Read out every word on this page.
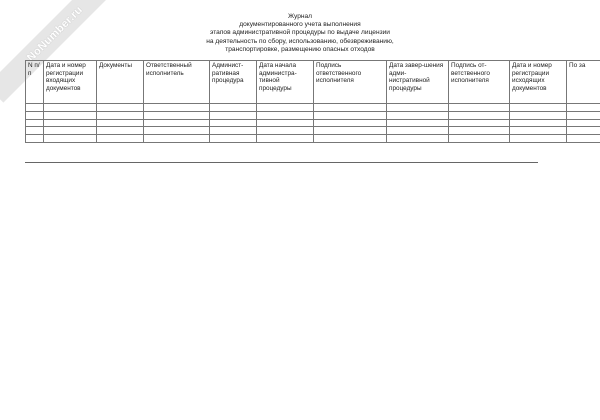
NoNumber.ru	Журнал
документированного учета выполнения
этапов административной процедуры по выдаче лицензии
на деятельность по сбору, использованию, обезвреживанию,
транспортировке, размещению опасных отходов
N п/п	Дата и номер регистрации входящих документов	Документы	Ответственный исполнитель	Админист-ративная процедура	Дата начала администра-тивной процедуры	Подпись ответственного исполнителя	Дата завер-шения адми-нистративной процедуры	Подпись от-ветственного исполнителя	Дата и номер регистрации исходящих документов	По за
